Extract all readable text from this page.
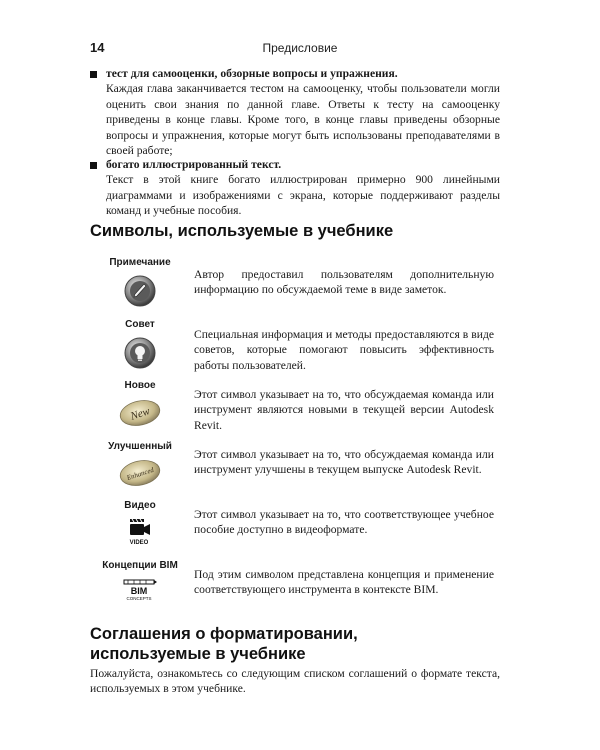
14	Предисловие
тест для самооценки, обзорные вопросы и упражнения.
Каждая глава заканчивается тестом на самооценку, чтобы пользователи могли оценить свои знания по данной главе. Ответы к тесту на самооценку приведены в конце главы. Кроме того, в конце главы приведены обзорные вопросы и упражнения, которые могут быть использованы преподавателями в своей работе;
богато иллюстрированный текст.
Текст в этой книге богато иллюстрирован примерно 900 линейными диаграммами и изображениями с экрана, которые поддерживают разделы команд и учебные пособия.
Символы, используемые в учебнике
Примечание
Автор предоставил пользователям дополнительную информацию по обсуждаемой теме в виде заметок.
Совет
Специальная информация и методы предоставляются в виде советов, которые помогают повысить эффективность работы пользователей.
Новое
New
Этот символ указывает на то, что обсуждаемая команда или инструмент являются новыми в текущей версии Autodesk Revit.
Улучшенный
Enhanced
Этот символ указывает на то, что обсуждаемая команда или инструмент улучшены в текущем выпуске Autodesk Revit.
Видео
VIDEO
Этот символ указывает на то, что соответствующее учебное пособие доступно в видеоформате.
Концепции BIM
BIM
CONCEPTS
Под этим символом представлена концепция и применение соответствующего инструмента в контексте BIM.
Соглашения о форматировании,
используемые в учебнике
Пожалуйста, ознакомьтесь со следующим списком соглашений о формате текста, используемых в этом учебнике.
